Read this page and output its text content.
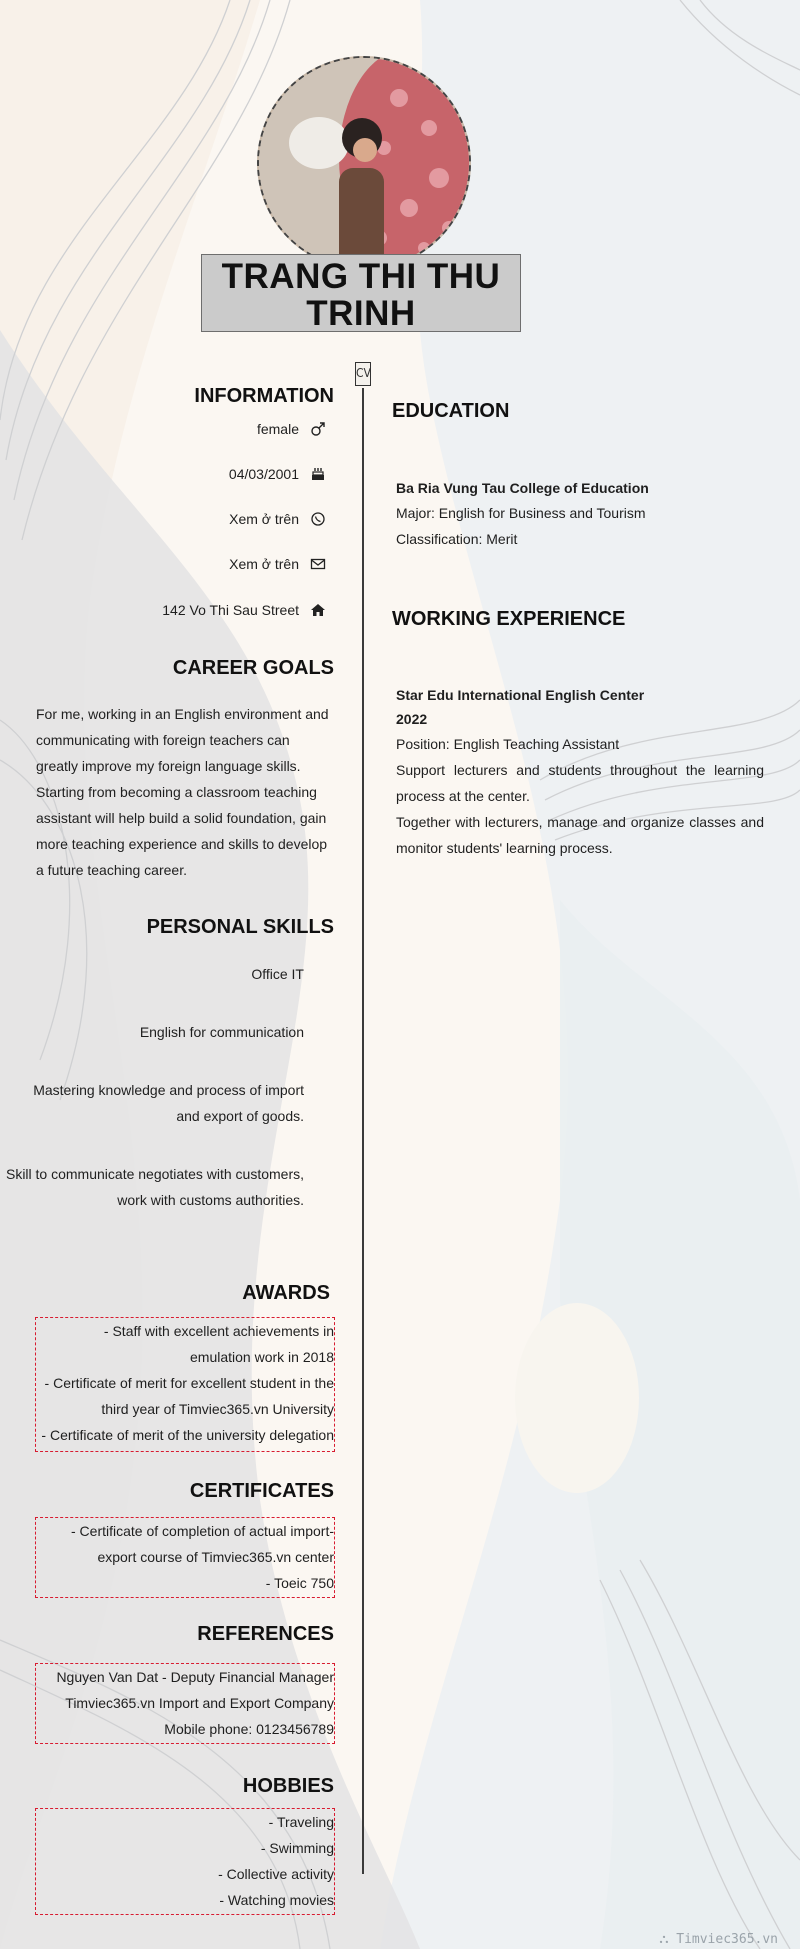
TRANG THI THU TRINH
CV
INFORMATION
female
04/03/2001
Xem ở trên
Xem ở trên
142 Vo Thi Sau Street
CAREER GOALS
For me, working in an English environment and communicating with foreign teachers can greatly improve my foreign language skills. Starting from becoming a classroom teaching assistant will help build a solid foundation, gain more teaching experience and skills to develop a future teaching career.
PERSONAL SKILLS
Office IT
English for communication
Mastering knowledge and process of import and export of goods.
Skill to communicate negotiates with customers, work with customs authorities.
AWARDS
- Staff with excellent achievements in
emulation work in 2018
- Certificate of merit for excellent student in the
third year of Timviec365.vn University
- Certificate of merit of the university delegation
CERTIFICATES
- Certificate of completion of actual import-
export course of Timviec365.vn center
- Toeic 750
REFERENCES
Nguyen Van Dat - Deputy Financial Manager
Timviec365.vn Import and Export Company
Mobile phone: 0123456789
HOBBIES
- Traveling
- Swimming
- Collective activity
- Watching movies
EDUCATION
Ba Ria Vung Tau College of Education
Major: English for Business and Tourism
Classification: Merit
WORKING EXPERIENCE
Star Edu International English Center
2022
Position: English Teaching Assistant
Support lecturers and students throughout the learning process at the center.
Together with lecturers, manage and organize classes and monitor students' learning process.
⛬ Timviec365.vn
